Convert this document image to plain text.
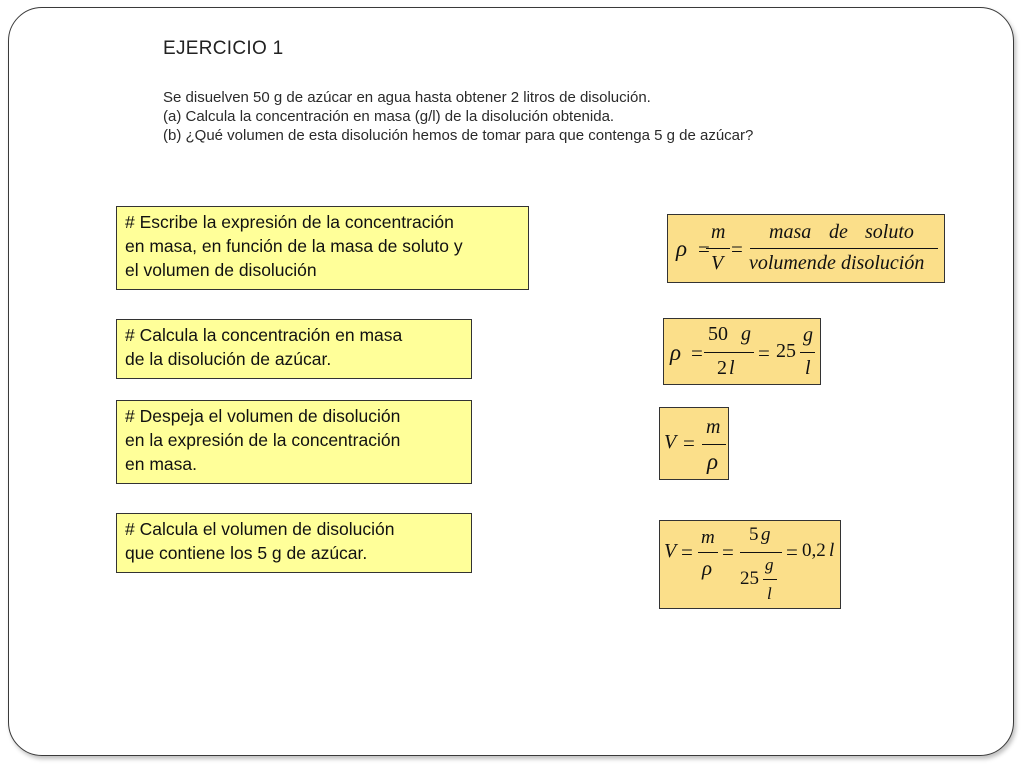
EJERCICIO 1
Se disuelven 50 g de azúcar en agua hasta obtener 2 litros de disolución.
(a) Calcula la concentración en masa (g/l) de la disolución obtenida.
(b) ¿Qué volumen de esta disolución hemos de tomar para que contenga 5 g de azúcar?
# Escribe la expresión de la concentración
en masa, en función de la masa de soluto y
el volumen de disolución
# Calcula la concentración en masa
de la disolución de azúcar.
# Despeja el volumen de disolución
en la expresión de la concentración
en masa.
# Calcula el volumen de disolución
que contiene los 5 g de azúcar.
ρ =
m
V
=
masa de soluto
volumen de disolución
ρ =
50 g
2 l
= 25
g
l
V =
m
ρ
V =
m
ρ
=
5 g
25
g
l
= 0,2 l
